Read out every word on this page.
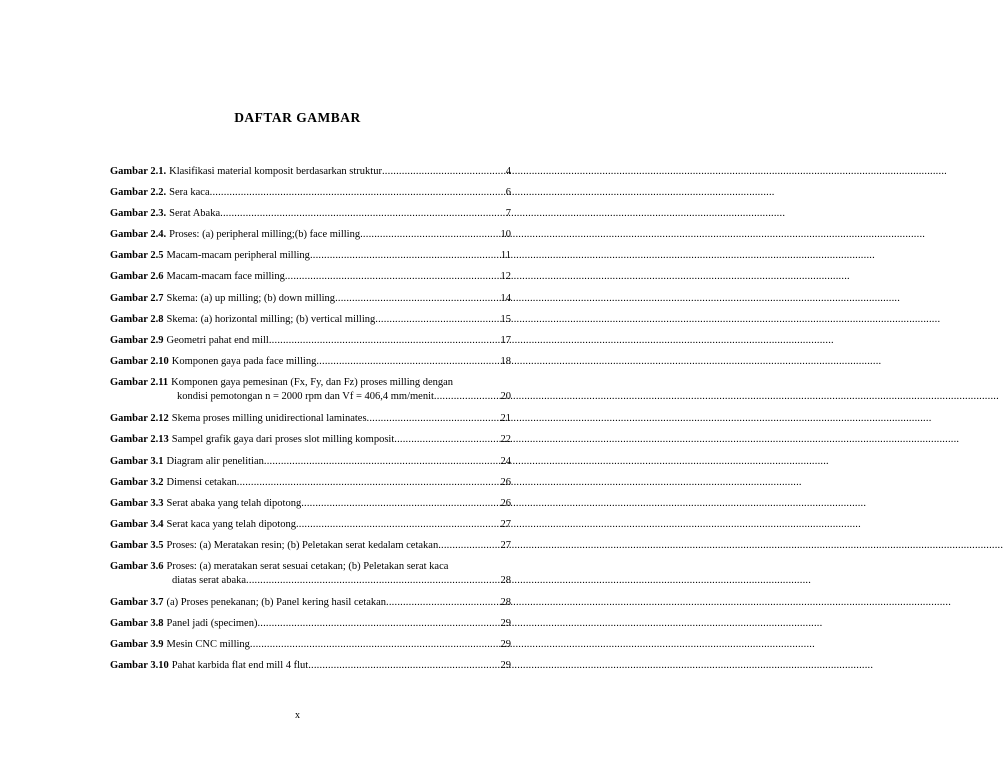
DAFTAR GAMBAR
Gambar 2.1. Klasifikasi material komposit berdasarkan struktur .....	4
Gambar 2.2. Sera kaca .....	6
Gambar 2.3. Serat Abaka .....	7
Gambar 2.4. Proses: (a) peripheral milling;(b) face milling .....	10
Gambar 2.5 Macam-macam peripheral milling .....	11
Gambar 2.6 Macam-macam face milling .....	12
Gambar 2.7 Skema: (a) up milling; (b) down milling .....	14
Gambar 2.8 Skema: (a) horizontal milling; (b) vertical milling .....	15
Gambar 2.9 Geometri pahat end mill .....	17
Gambar 2.10 Komponen gaya pada face milling .....	18
Gambar 2.11 Komponen gaya pemesinan (Fx, Fy, dan Fz) proses milling dengan
kondisi pemotongan n = 2000 rpm dan Vf = 406,4 mm/menit .....	20
Gambar 2.12 Skema proses milling unidirectional laminates .....	21
Gambar 2.13 Sampel grafik gaya dari proses slot milling komposit .....	22
Gambar 3.1 Diagram alir penelitian .....	24
Gambar 3.2 Dimensi cetakan .....	26
Gambar 3.3 Serat abaka yang telah dipotong .....	26
Gambar 3.4 Serat kaca yang telah dipotong .....	27
Gambar 3.5 Proses: (a) Meratakan resin; (b) Peletakan serat kedalam cetakan .....	27
Gambar 3.6 Proses: (a) meratakan serat sesuai cetakan; (b) Peletakan serat kaca
diatas serat abaka .....	28
Gambar 3.7 (a) Proses penekanan; (b) Panel kering hasil cetakan .....	28
Gambar 3.8 Panel jadi (specimen) .....	29
Gambar 3.9 Mesin CNC milling .....	29
Gambar 3.10 Pahat karbida flat end mill 4 flut .....	29
x
